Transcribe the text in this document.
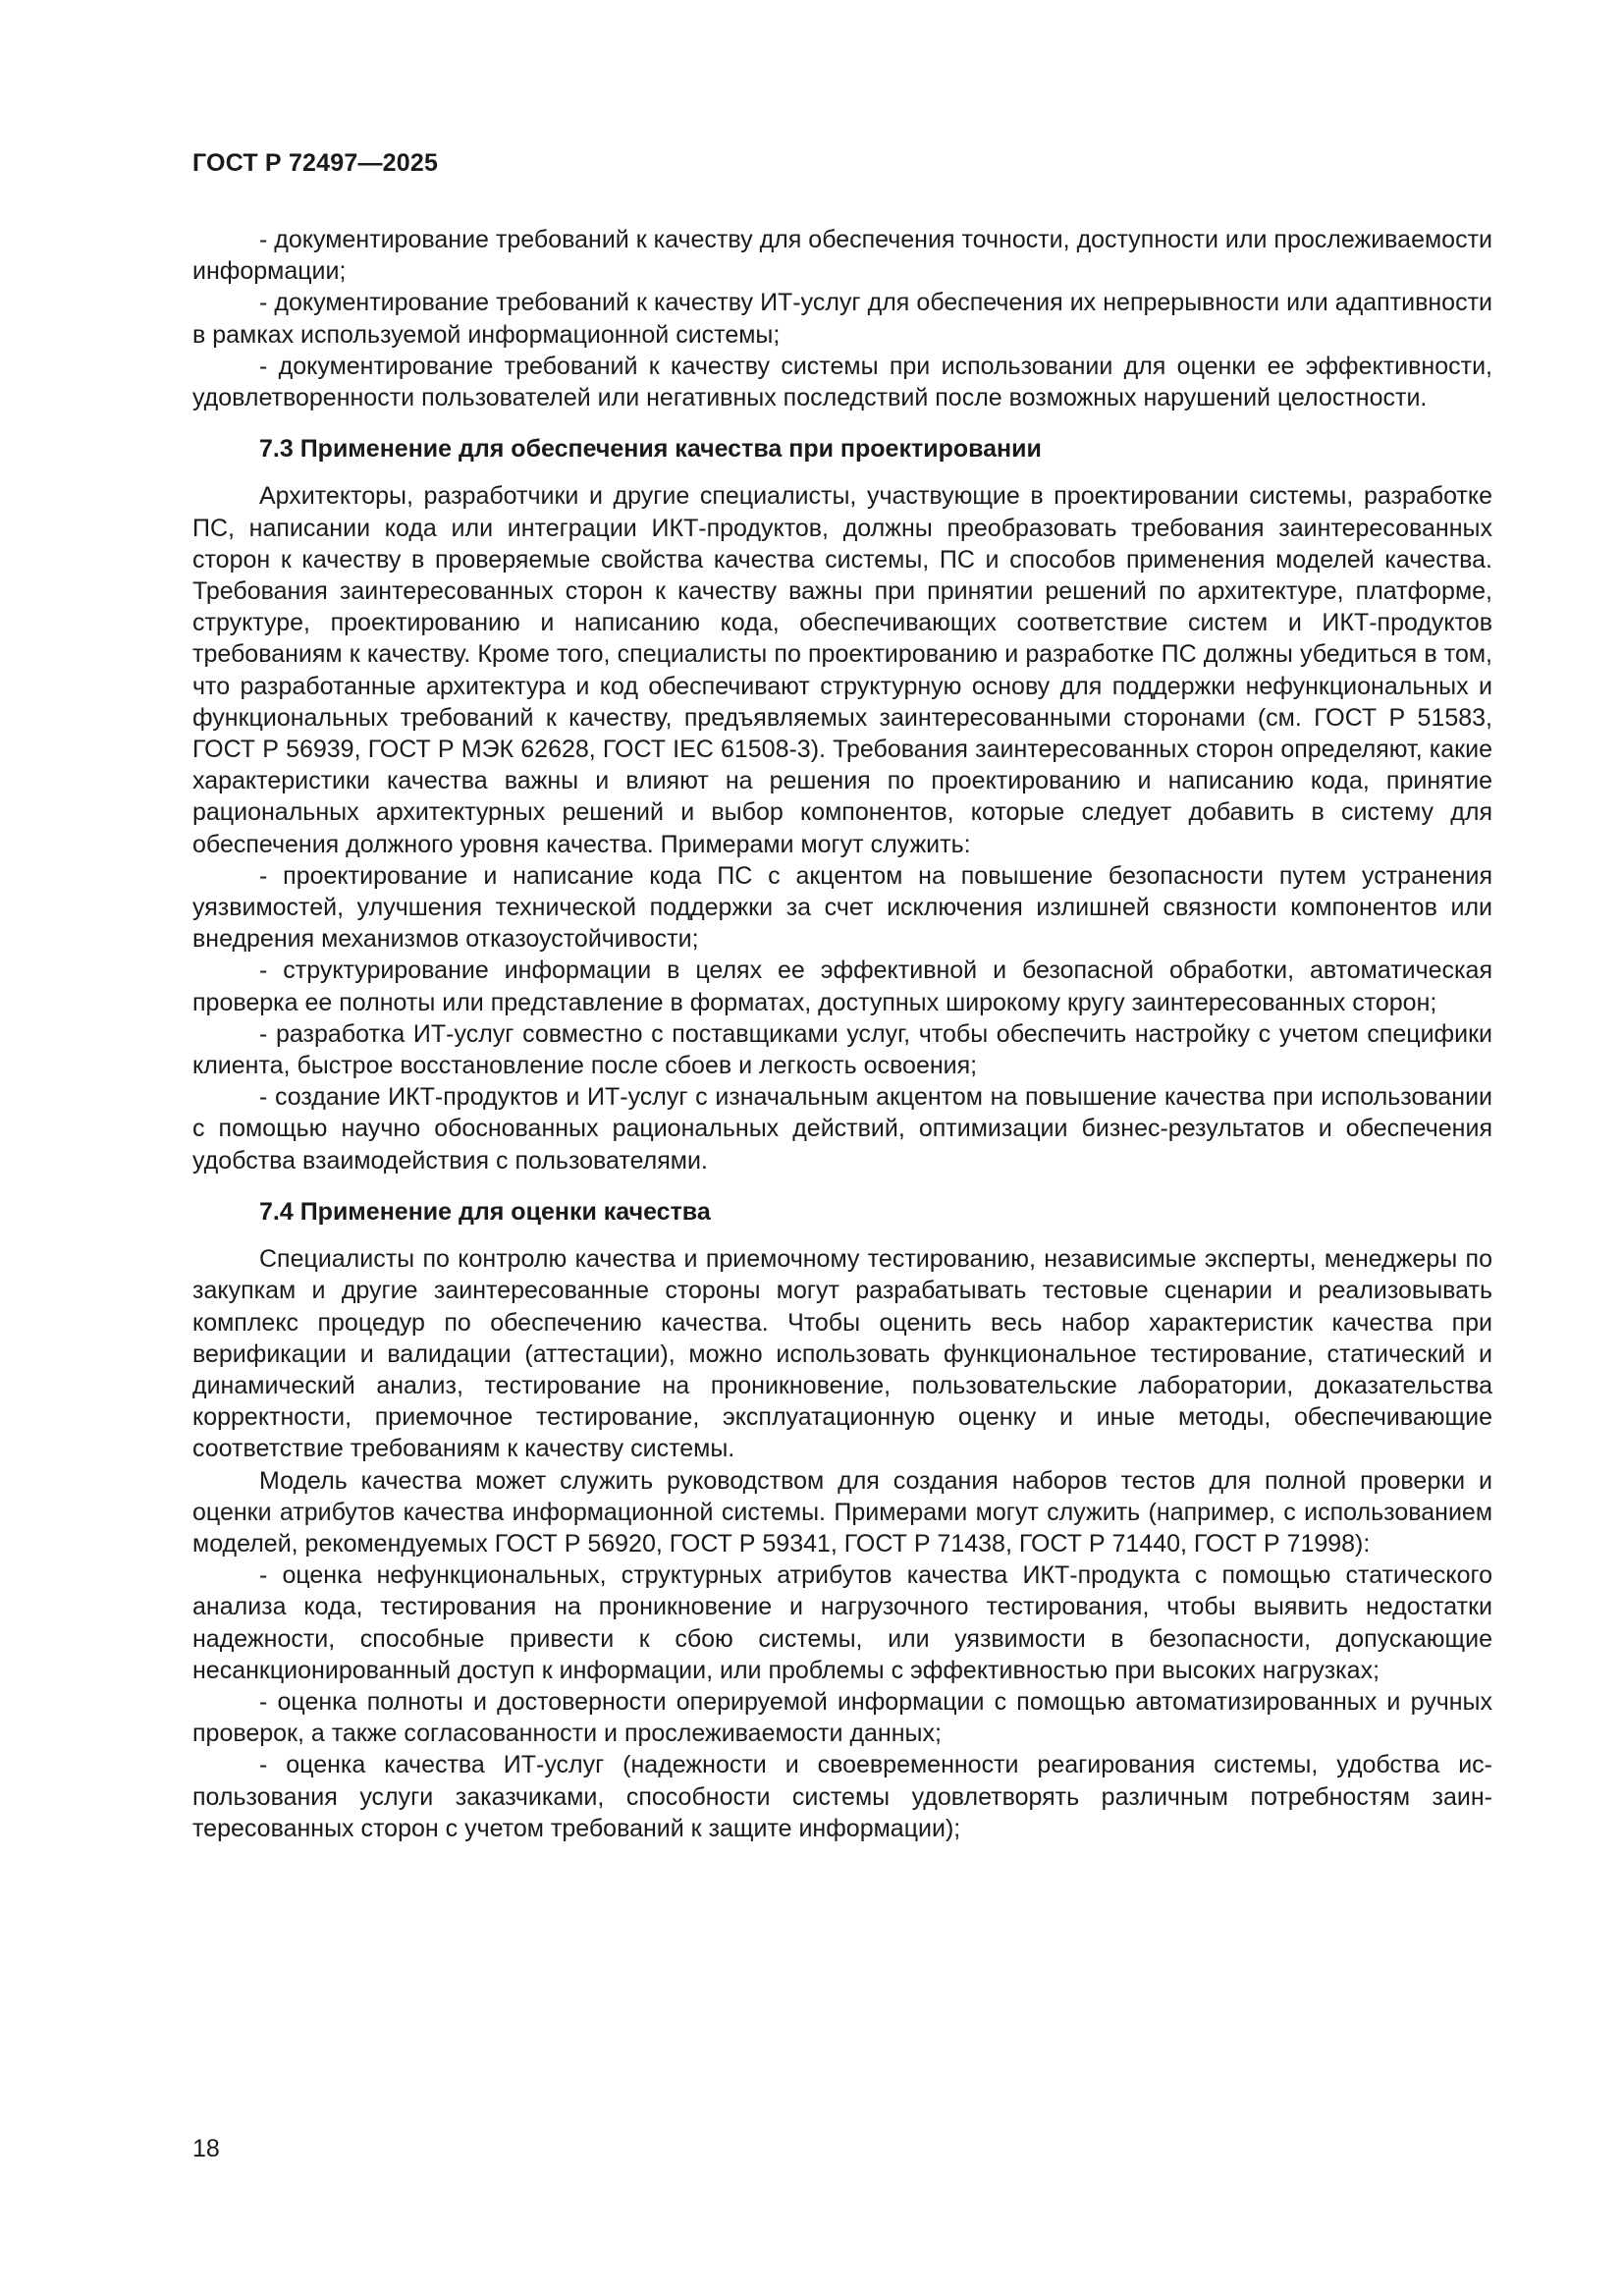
ГОСТ Р 72497—2025

- документирование требований к качеству для обеспечения точности, доступности или прослеживаемости информации;

- документирование требований к качеству ИТ-услуг для обеспечения их непрерывности или адаптивности в рамках используемой информационной системы;

- документирование требований к качеству системы при использовании для оценки ее эффективности, удовлетворенности пользователей или негативных последствий после возможных нарушений целостности.

7.3 Применение для обеспечения качества при проектировании

Архитекторы, разработчики и другие специалисты, участвующие в проектировании системы, разработке ПС, написании кода или интеграции ИКТ-продуктов, должны преобразовать требования заинтересованных сторон к качеству в проверяемые свойства качества системы, ПС и способов применения моделей качества. Требования заинтересованных сторон к качеству важны при принятии решений по архитектуре, платформе, структуре, проектированию и написанию кода, обеспечивающих соответствие систем и ИКТ-продуктов требованиям к качеству. Кроме того, специалисты по проектированию и разработке ПС должны убедиться в том, что разработанные архитектура и код обеспечивают структурную основу для поддержки нефункциональных и функциональных требований к качеству, предъявляемых заинтересованными сторонами (см. ГОСТ Р 51583, ГОСТ Р 56939, ГОСТ Р МЭК 62628, ГОСТ IEC 61508-3). Требования заинтересованных сторон определяют, какие характеристики качества важны и влияют на решения по проектированию и написанию кода, принятие рациональных архитектурных решений и выбор компонентов, которые следует добавить в систему для обеспечения должного уровня качества. Примерами могут служить:

- проектирование и написание кода ПС с акцентом на повышение безопасности путем устранения уязвимостей, улучшения технической поддержки за счет исключения излишней связности компонентов или внедрения механизмов отказоустойчивости;

- структурирование информации в целях ее эффективной и безопасной обработки, автоматическая проверка ее полноты или представление в форматах, доступных широкому кругу заинтересованных сторон;

- разработка ИТ-услуг совместно с поставщиками услуг, чтобы обеспечить настройку с учетом специфики клиента, быстрое восстановление после сбоев и легкость освоения;

- создание ИКТ-продуктов и ИТ-услуг с изначальным акцентом на повышение качества при использовании с помощью научно обоснованных рациональных действий, оптимизации бизнес-результатов и обеспечения удобства взаимодействия с пользователями.

7.4 Применение для оценки качества

Специалисты по контролю качества и приемочному тестированию, независимые эксперты, менеджеры по закупкам и другие заинтересованные стороны могут разрабатывать тестовые сценарии и реализовывать комплекс процедур по обеспечению качества. Чтобы оценить весь набор характеристик качества при верификации и валидации (аттестации), можно использовать функциональное тестирование, статический и динамический анализ, тестирование на проникновение, пользовательские лаборатории, доказательства корректности, приемочное тестирование, эксплуатационную оценку и иные методы, обеспечивающие соответствие требованиям к качеству системы.

Модель качества может служить руководством для создания наборов тестов для полной проверки и оценки атрибутов качества информационной системы. Примерами могут служить (например, с использованием моделей, рекомендуемых ГОСТ Р 56920, ГОСТ Р 59341, ГОСТ Р 71438, ГОСТ Р 71440, ГОСТ Р 71998):

- оценка нефункциональных, структурных атрибутов качества ИКТ-продукта с помощью статического анализа кода, тестирования на проникновение и нагрузочного тестирования, чтобы выявить недостатки надежности, способные привести к сбою системы, или уязвимости в безопасности, допускающие несанкционированный доступ к информации, или проблемы с эффективностью при высоких нагрузках;

- оценка полноты и достоверности оперируемой информации с помощью автоматизированных и ручных проверок, а также согласованности и прослеживаемости данных;

- оценка качества ИТ-услуг (надежности и своевременности реагирования системы, удобства использования услуги заказчиками, способности системы удовлетворять различным потребностям заинтересованных сторон с учетом требований к защите информации);

18
